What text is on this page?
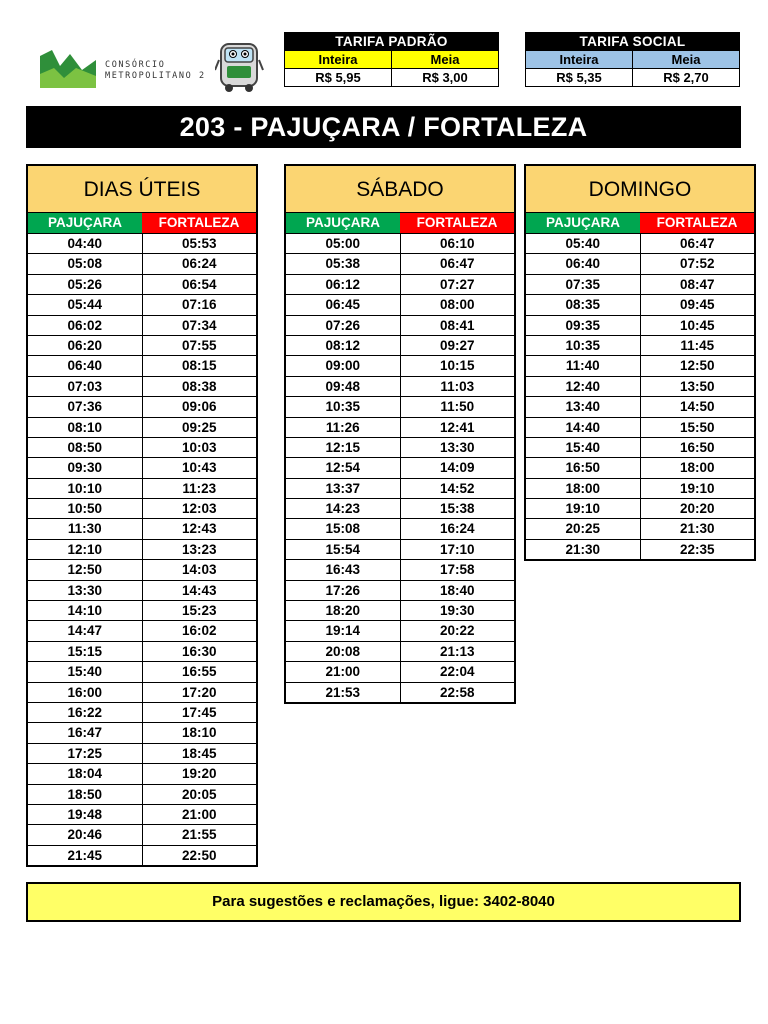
CONSÓRCIO
METROPOLITANO 2
TARIFA PADRÃO	
Inteira	Meia
R$ 5,95	R$ 3,00
TARIFA SOCIAL	
Inteira	Meia
R$ 5,35	R$ 2,70
203 - PAJUÇARA / FORTALEZA
DIAS ÚTEIS
PAJUÇARA	FORTALEZA
04:40	05:53
05:08	06:24
05:26	06:54
05:44	07:16
06:02	07:34
06:20	07:55
06:40	08:15
07:03	08:38
07:36	09:06
08:10	09:25
08:50	10:03
09:30	10:43
10:10	11:23
10:50	12:03
11:30	12:43
12:10	13:23
12:50	14:03
13:30	14:43
14:10	15:23
14:47	16:02
15:15	16:30
15:40	16:55
16:00	17:20
16:22	17:45
16:47	18:10
17:25	18:45
18:04	19:20
18:50	20:05
19:48	21:00
20:46	21:55
21:45	22:50
SÁBADO
PAJUÇARA	FORTALEZA
05:00	06:10
05:38	06:47
06:12	07:27
06:45	08:00
07:26	08:41
08:12	09:27
09:00	10:15
09:48	11:03
10:35	11:50
11:26	12:41
12:15	13:30
12:54	14:09
13:37	14:52
14:23	15:38
15:08	16:24
15:54	17:10
16:43	17:58
17:26	18:40
18:20	19:30
19:14	20:22
20:08	21:13
21:00	22:04
21:53	22:58
DOMINGO
PAJUÇARA	FORTALEZA
05:40	06:47
06:40	07:52
07:35	08:47
08:35	09:45
09:35	10:45
10:35	11:45
11:40	12:50
12:40	13:50
13:40	14:50
14:40	15:50
15:40	16:50
16:50	18:00
18:00	19:10
19:10	20:20
20:25	21:30
21:30	22:35
Para sugestões e reclamações, ligue: 3402-8040
